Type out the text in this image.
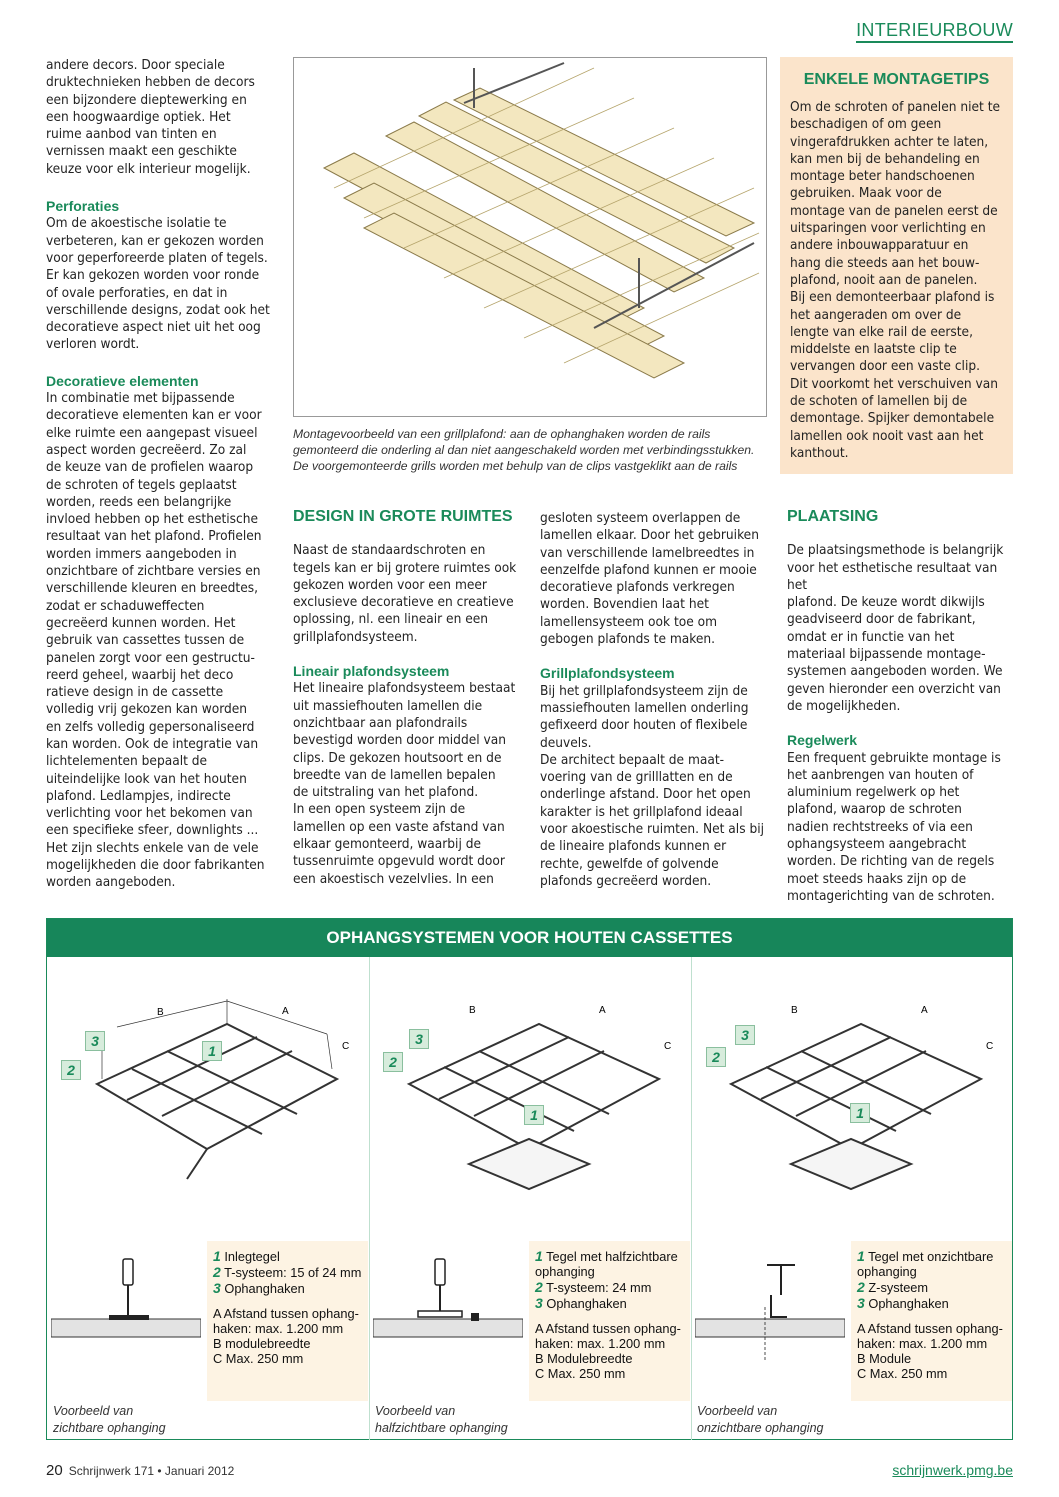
INTERIEURBOUW

andere decors. Door speciale
druktechnieken hebben de decors
een bijzondere dieptewerking en
een hoogwaardige optiek. Het
ruime aanbod van tinten en
vernissen maakt een geschikte
keuze voor elk interieur mogelijk.

Perforaties

Om de akoestische isolatie te
verbeteren, kan er gekozen worden
voor geperforeerde platen of tegels.
Er kan gekozen worden voor ronde
of ovale perforaties, en dat in
verschillende designs, zodat ook het
decoratieve aspect niet uit het oog
verloren wordt.

Decoratieve elementen

In combinatie met bijpassende
decoratieve elementen kan er voor
elke ruimte een aangepast visueel
aspect worden gecreëerd. Zo zal
de keuze van de profielen waarop
de schroten of tegels geplaatst
worden, reeds een belangrijke
invloed hebben op het esthetische
resultaat van het plafond. Profielen
worden immers aangeboden in
onzichtbare of zichtbare versies en
verschillende kleuren en breedtes,
zodat er schaduweffecten
gecreëerd kunnen worden. Het
gebruik van cassettes tussen de
panelen zorgt voor een gestructu-
reerd geheel, waarbij het deco
ratieve design in de cassette
volledig vrij gekozen kan worden
en zelfs volledig gepersonaliseerd
kan worden. Ook de integratie van
lichtelementen bepaalt de
uiteindelijke look van het houten
plafond. Ledlampjes, indirecte
verlichting voor het bekomen van
een specifieke sfeer, downlights ...
Het zijn slechts enkele van de vele
mogelijkheden die door fabrikanten
worden aangeboden.

Montagevoorbeeld van een grillplafond: aan de ophanghaken worden de rails
gemonteerd die onderling al dan niet aangeschakeld worden met verbindingsstukken.
De voorgemonteerde grills worden met behulp van de clips vastgeklikt aan de rails
ENKELE MONTAGETIPS
Om de schroten of panelen niet te
beschadigen of om geen
vingerafdrukken achter te laten,
kan men bij de behandeling en
montage beter handschoenen
gebruiken. Maak voor de
montage van de panelen eerst de
uitsparingen voor verlichting en
andere inbouwapparatuur en
hang die steeds aan het bouw-
plafond, nooit aan de panelen.
Bij een demonteerbaar plafond is
het aangeraden om over de
lengte van elke rail de eerste,
middelste en laatste clip te
vervangen door een vaste clip.
Dit voorkomt het verschuiven van
de schoten of lamellen bij de
demontage. Spijker demontabele
lamellen ook nooit vast aan het
kanthout.
DESIGN IN GROTE RUIMTES

Naast de standaardschroten en
tegels kan er bij grotere ruimtes ook
gekozen worden voor een meer
exclusieve decoratieve en creatieve
oplossing, nl. een lineair en een
grillplafondsysteem.

Lineair plafondsysteem

Het lineaire plafondsysteem bestaat
uit massiefhouten lamellen die
onzichtbaar aan plafondrails
bevestigd worden door middel van
clips. De gekozen houtsoort en de
breedte van de lamellen bepalen
de uitstraling van het plafond.
In een open systeem zijn de
lamellen op een vaste afstand van
elkaar gemonteerd, waarbij de
tussenruimte opgevuld wordt door
een akoestisch vezelvlies. In een

gesloten systeem overlappen de
lamellen elkaar. Door het gebruiken
van verschillende lamelbreedtes in
eenzelfde plafond kunnen er mooie
decoratieve plafonds verkregen
worden. Bovendien laat het
lamellensysteem ook toe om
gebogen plafonds te maken.

Grillplafondsysteem

Bij het grillplafondsysteem zijn de
massiefhouten lamellen onderling
gefixeerd door houten of flexibele
deuvels.
De architect bepaalt de maat-
voering van de grilllatten en de
onderlinge afstand. Door het open
karakter is het grillplafond ideaal
voor akoestische ruimten. Net als bij
de lineaire plafonds kunnen er
rechte, gewelfde of golvende
plafonds gecreëerd worden.

PLAATSING

De plaatsingsmethode is belangrijk
voor het esthetische resultaat van het
plafond. De keuze wordt dikwijls
geadviseerd door de fabrikant,
omdat er in functie van het
materiaal bijpassende montage-
systemen aangeboden worden. We
geven hieronder een overzicht van
de mogelijkheden.

Regelwerk

Een frequent gebruikte montage is
het aanbrengen van houten of
aluminium regelwerk op het
plafond, waarop de schroten
nadien rechtstreeks of via een
ophangsysteem aangebracht
worden. De richting van de regels
moet steeds haaks zijn op de
montagerichting van de schroten.

OPHANGSYSTEMEN VOOR HOUTEN CASSETTES
B	A
C
3
2
1
1 Inlegtegel
2 T-systeem: 15 of 24 mm
3 Ophanghaken
A Afstand tussen ophang-
haken: max. 1.200 mm
B modulebreedte
C Max. 250 mm
Voorbeeld van
zichtbare ophanging
B	A
C
3
2
1
1 Tegel met halfzichtbare ophanging
2 T-systeem: 24 mm
3 Ophanghaken
A Afstand tussen ophang-
haken: max. 1.200 mm
B Modulebreedte
C Max. 250 mm
Voorbeeld van
halfzichtbare ophanging
B	A
C
3
2
1
1 Tegel met onzichtbare ophanging
2 Z-systeem
3 Ophanghaken
A Afstand tussen ophang-
haken: max. 1.200 mm
B Module
C Max. 250 mm
Voorbeeld van
onzichtbare ophanging
20 Schrijnwerk 171 • Januari 2012	schrijnwerk.pmg.be
